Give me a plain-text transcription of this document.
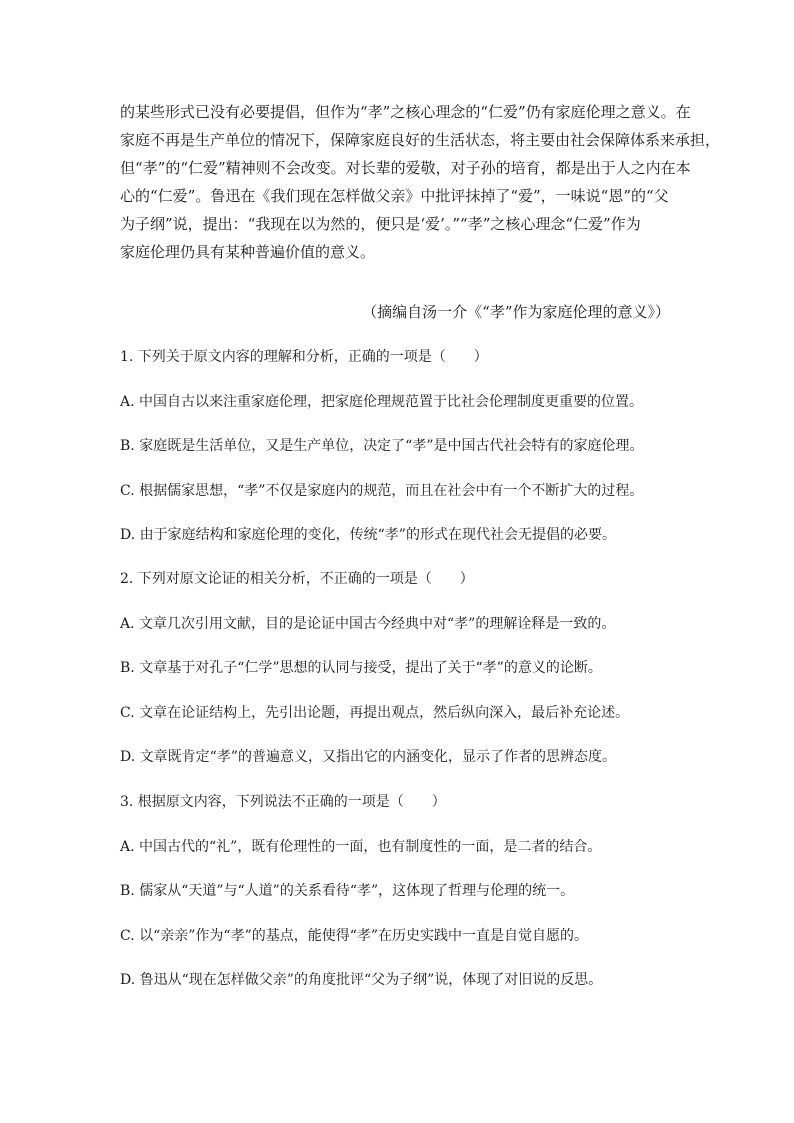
的某些形式已没有必要提倡，但作为“孝”之核心理念的“仁爱”仍有家庭伦理之意义。在
家庭不再是生产单位的情况下，保障家庭良好的生活状态，将主要由社会保障体系来承担，
但“孝”的“仁爱”精神则不会改变。对长辈的爱敬，对子孙的培育，都是出于人之内在本
心的“仁爱”。鲁迅在《我们现在怎样做父亲》中批评抹掉了“爱”，一味说“恩”的“父
为子纲”说，提出：“我现在以为然的，便只是‘爱’。”“孝”之核心理念“仁爱”作为
家庭伦理仍具有某种普遍价值的意义。
（摘编自汤一介《“孝”作为家庭伦理的意义》）
1. 下列关于原文内容的理解和分析，正确的一项是（　　）
A. 中国自古以来注重家庭伦理，把家庭伦理规范置于比社会伦理制度更重要的位置。
B. 家庭既是生活单位，又是生产单位，决定了“孝”是中国古代社会特有的家庭伦理。
C. 根据儒家思想，“孝”不仅是家庭内的规范，而且在社会中有一个不断扩大的过程。
D. 由于家庭结构和家庭伦理的变化，传统“孝”的形式在现代社会无提倡的必要。
2. 下列对原文论证的相关分析，不正确的一项是（　　）
A. 文章几次引用文献，目的是论证中国古今经典中对“孝”的理解诠释是一致的。
B. 文章基于对孔子“仁学”思想的认同与接受，提出了关于“孝”的意义的论断。
C. 文章在论证结构上，先引出论题，再提出观点，然后纵向深入，最后补充论述。
D. 文章既肯定“孝”的普遍意义，又指出它的内涵变化，显示了作者的思辨态度。
3. 根据原文内容，下列说法不正确的一项是（　　）
A. 中国古代的“礼”，既有伦理性的一面，也有制度性的一面，是二者的结合。
B. 儒家从“天道”与“人道”的关系看待“孝”，这体现了哲理与伦理的统一。
C. 以“亲亲”作为“孝”的基点，能使得“孝”在历史实践中一直是自觉自愿的。
D. 鲁迅从“现在怎样做父亲”的角度批评“父为子纲”说，体现了对旧说的反思。
